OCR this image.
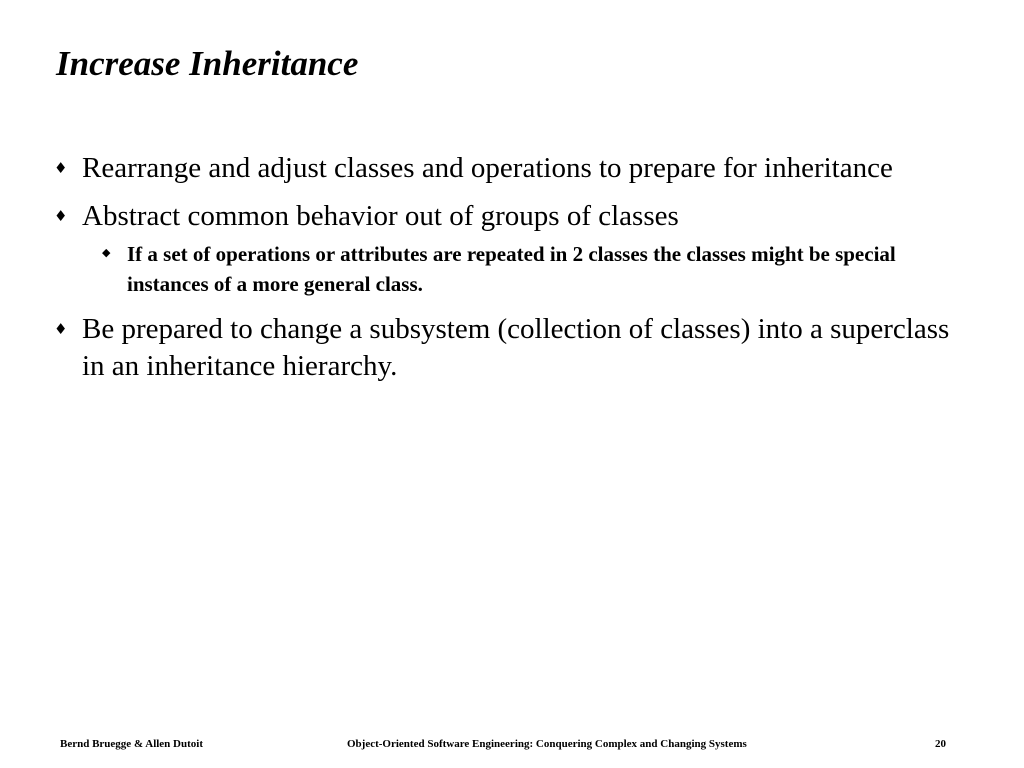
Increase Inheritance
♦ Rearrange and adjust classes and operations to prepare for inheritance
♦ Abstract common behavior out of groups of classes
◆ If a set of operations or attributes are repeated in 2 classes the classes might be special instances of a more general class.
♦ Be prepared to change a subsystem (collection of classes) into a superclass in an inheritance hierarchy.
Bernd Bruegge & Allen Dutoit	Object-Oriented Software Engineering: Conquering Complex and Changing Systems	20
